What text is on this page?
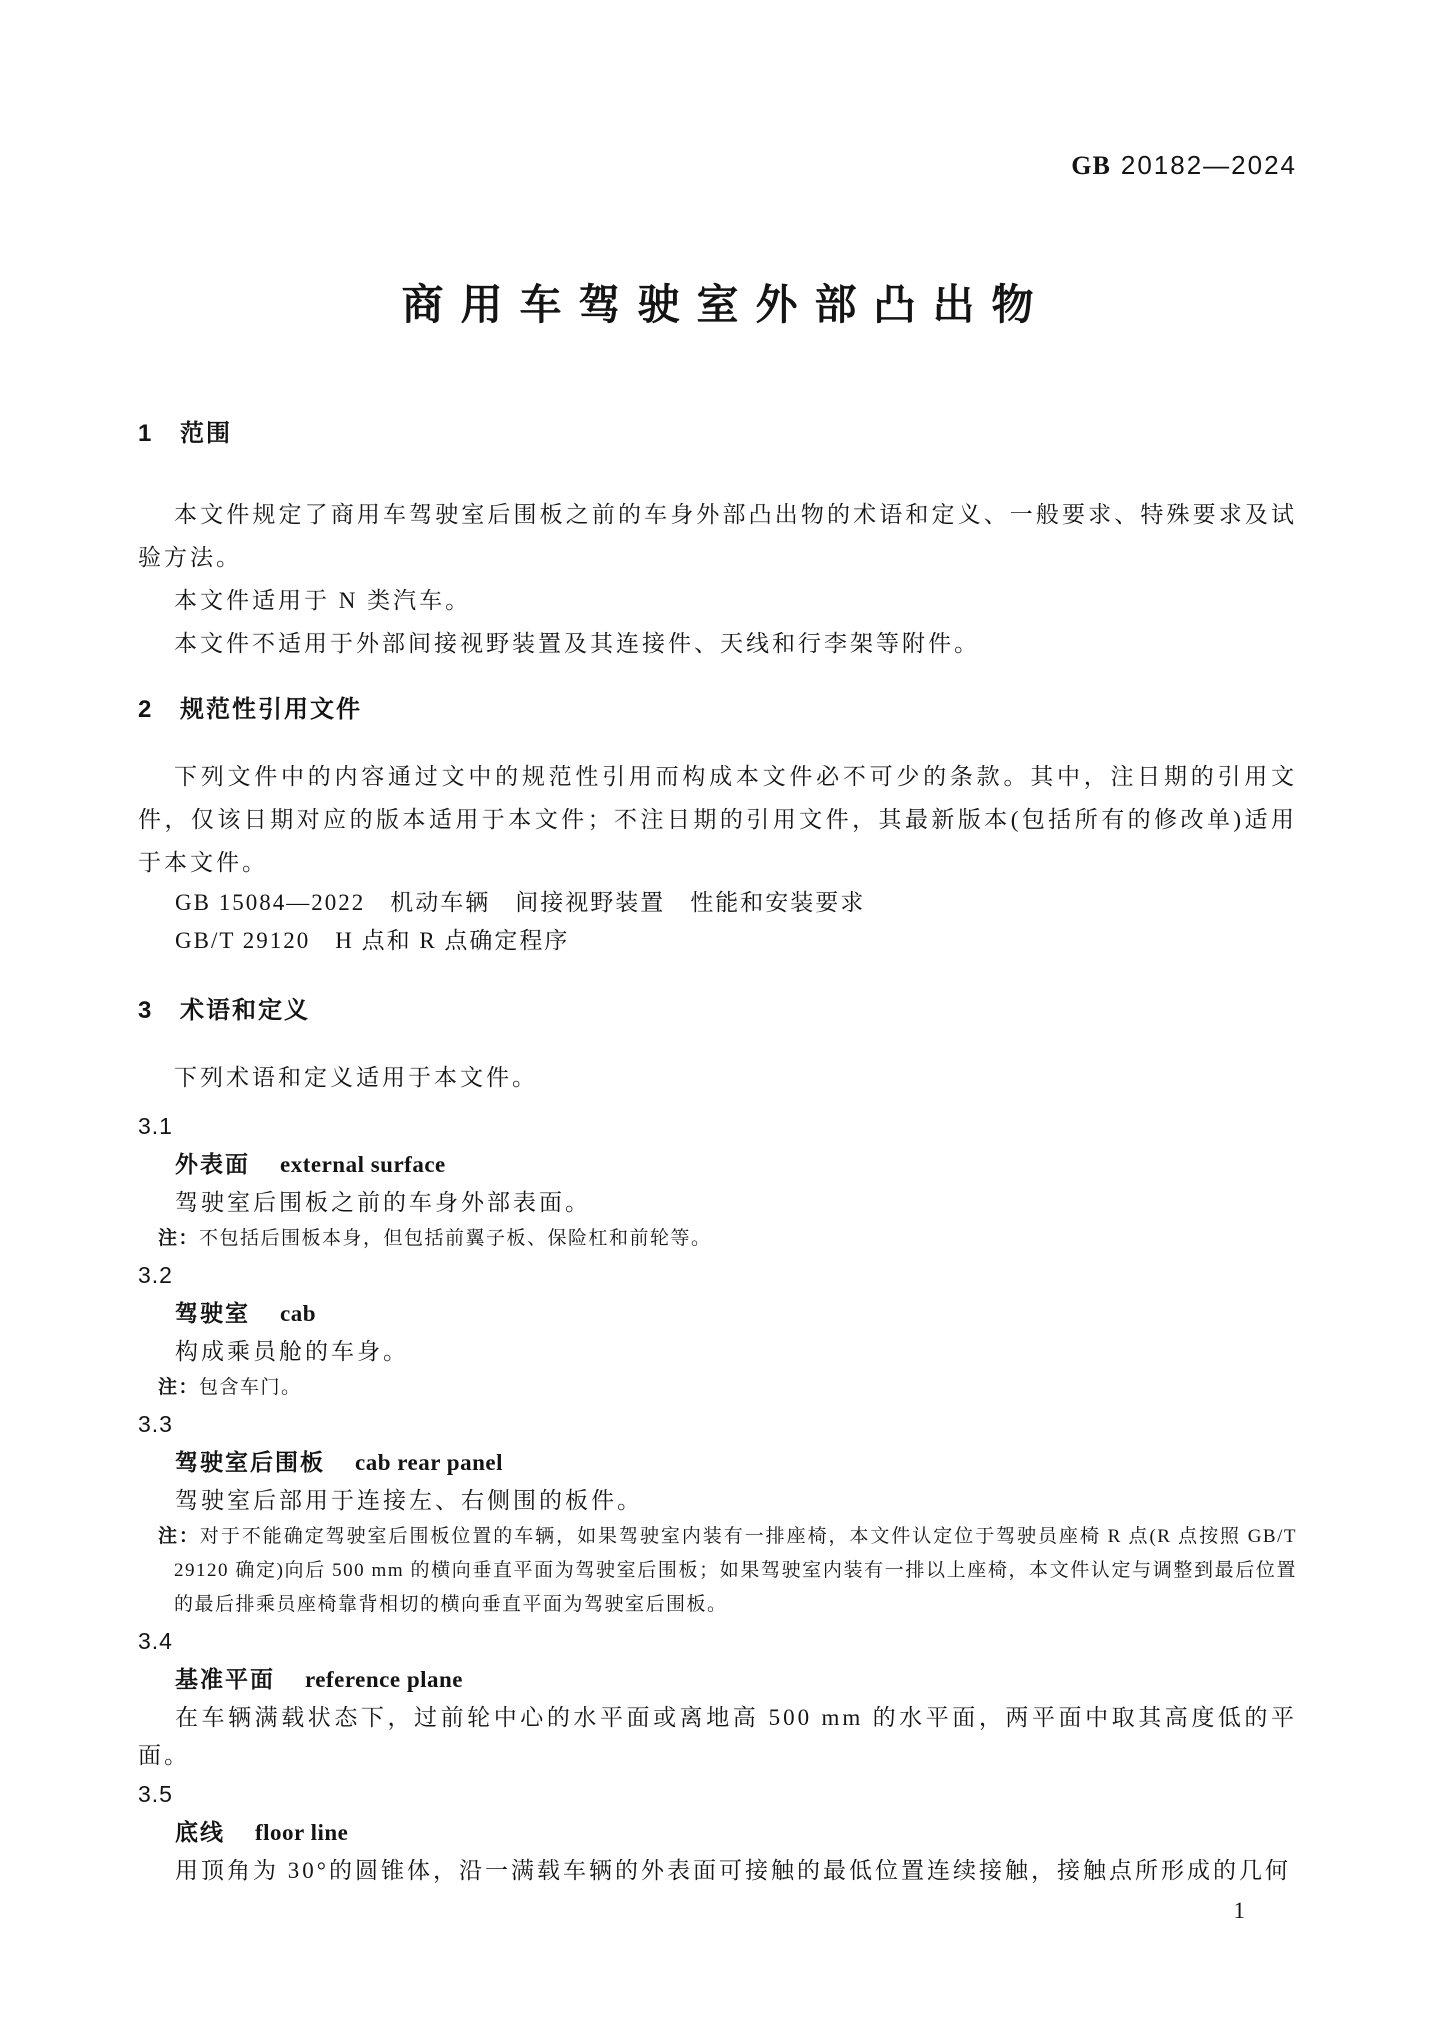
GB 20182—2024
商用车驾驶室外部凸出物
1 范围

本文件规定了商用车驾驶室后围板之前的车身外部凸出物的术语和定义、一般要求、特殊要求及试验方法。

本文件适用于 N 类汽车。

本文件不适用于外部间接视野装置及其连接件、天线和行李架等附件。

2 规范性引用文件

下列文件中的内容通过文中的规范性引用而构成本文件必不可少的条款。其中，注日期的引用文件，仅该日期对应的版本适用于本文件；不注日期的引用文件，其最新版本(包括所有的修改单)适用于本文件。

GB 15084—2022　机动车辆　间接视野装置　性能和安装要求

GB/T 29120　H 点和 R 点确定程序

3 术语和定义

下列术语和定义适用于本文件。

3.1
外表面 external surface

驾驶室后围板之前的车身外部表面。

注：不包括后围板本身，但包括前翼子板、保险杠和前轮等。
3.2
驾驶室 cab

构成乘员舱的车身。

注：包含车门。
3.3
驾驶室后围板 cab rear panel

驾驶室后部用于连接左、右侧围的板件。

注：对于不能确定驾驶室后围板位置的车辆，如果驾驶室内装有一排座椅，本文件认定位于驾驶员座椅 R 点(R 点按照 GB/T 29120 确定)向后 500 mm 的横向垂直平面为驾驶室后围板；如果驾驶室内装有一排以上座椅，本文件认定与调整到最后位置的最后排乘员座椅靠背相切的横向垂直平面为驾驶室后围板。
3.4
基准平面 reference plane

在车辆满载状态下，过前轮中心的水平面或离地高 500 mm 的水平面，两平面中取其高度低的平面。

3.5
底线 floor line

用顶角为 30°的圆锥体，沿一满载车辆的外表面可接触的最低位置连续接触，接触点所形成的几何

1
